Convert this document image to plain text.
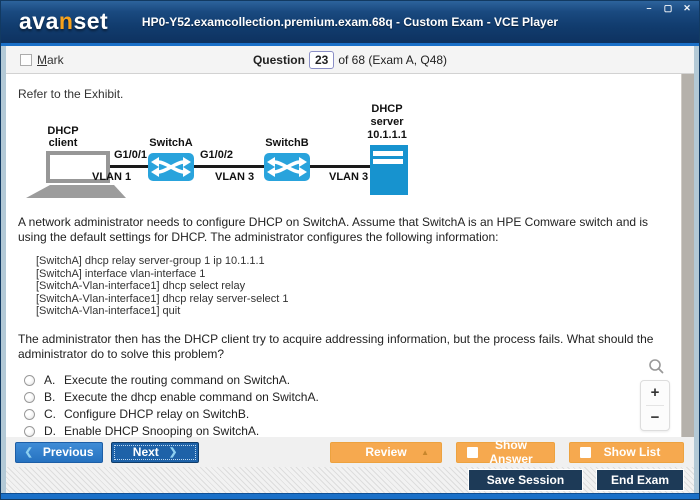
–	▢ ✕
avanset	HP0-Y52.examcollection.premium.exam.68q - Custom Exam - VCE Player
Mark	Question 23 of 68 (Exam A, Q48)
Refer to the Exhibit.
DHCP
client
G1/0/1
VLAN 1
SwitchA
G1/0/2
VLAN 3
SwitchB
VLAN 3
DHCP
server
10.1.1.1
A network administrator needs to configure DHCP on SwitchA. Assume that SwitchA is an HPE Comware switch and is using the default settings for DHCP. The administrator configures the following information:
[SwitchA] dhcp relay server-group 1 ip 10.1.1.1
[SwitchA] interface vlan-interface 1
[SwitchA-Vlan-interface1] dhcp select relay
[SwitchA-Vlan-interface1] dhcp relay server-select 1
[SwitchA-Vlan-interface1] quit
The administrator then has the DHCP client try to acquire addressing information, but the process fails. What should the administrator do to solve this problem?
A. Execute the routing command on SwitchA.
B. Execute the dhcp enable command on SwitchA.
C. Configure DHCP relay on SwitchB.
D. Enable DHCP Snooping on SwitchA.
+
−
❮ Previous	Next ❯	Review ▲	Show Answer	Show List
Save Session	End Exam
